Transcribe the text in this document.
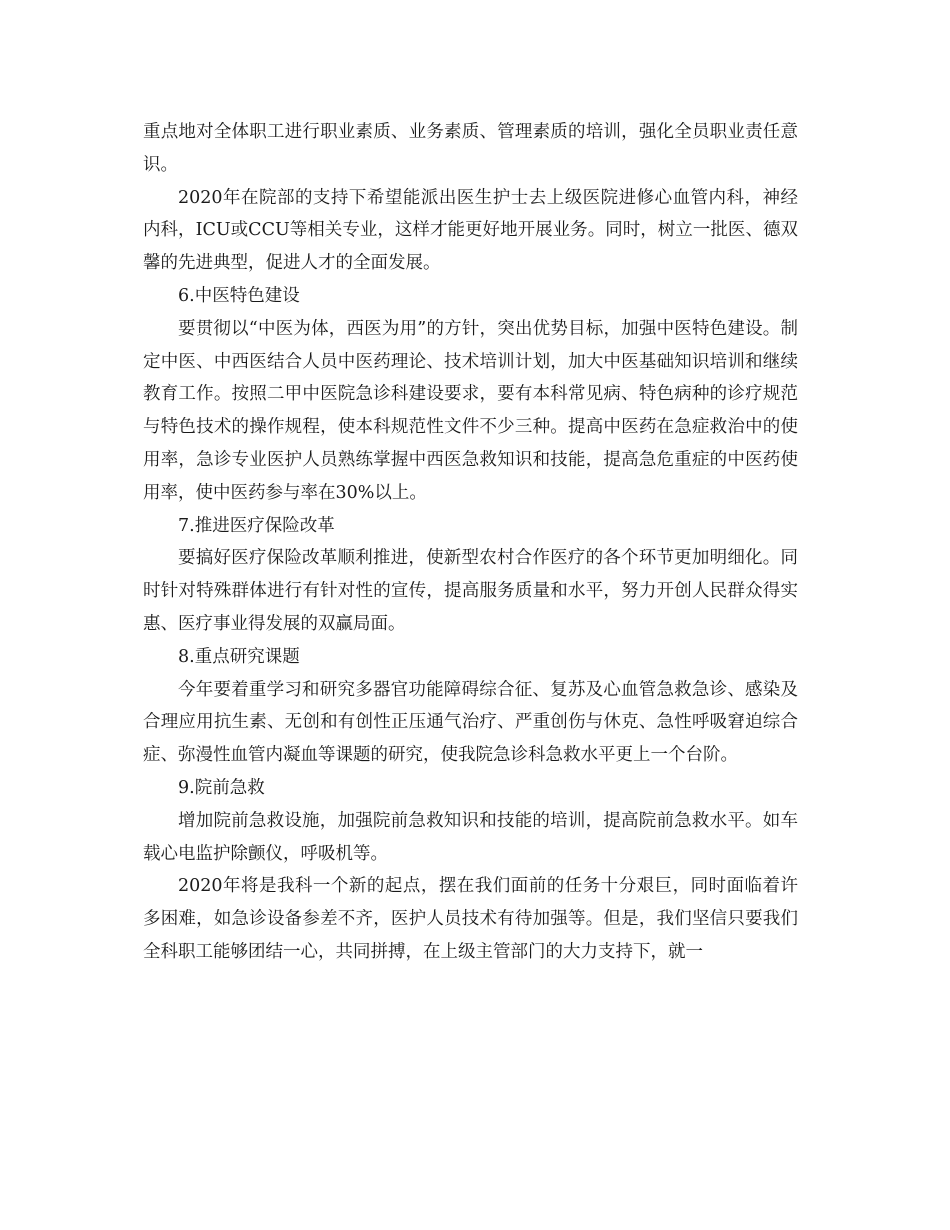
重点地对全体职工进行职业素质、业务素质、管理素质的培训，强化全员职业责任意识。

2020年在院部的支持下希望能派出医生护士去上级医院进修心血管内科，神经内科，ICU或CCU等相关专业，这样才能更好地开展业务。同时，树立一批医、德双馨的先进典型，促进人才的全面发展。

6.中医特色建设

要贯彻以“中医为体，西医为用”的方针，突出优势目标，加强中医特色建设。制定中医、中西医结合人员中医药理论、技术培训计划，加大中医基础知识培训和继续教育工作。按照二甲中医院急诊科建设要求，要有本科常见病、特色病种的诊疗规范与特色技术的操作规程，使本科规范性文件不少三种。提高中医药在急症救治中的使用率，急诊专业医护人员熟练掌握中西医急救知识和技能，提高急危重症的中医药使用率，使中医药参与率在30%以上。

7.推进医疗保险改革

要搞好医疗保险改革顺利推进，使新型农村合作医疗的各个环节更加明细化。同时针对特殊群体进行有针对性的宣传，提高服务质量和水平，努力开创人民群众得实惠、医疗事业得发展的双赢局面。

8.重点研究课题

今年要着重学习和研究多器官功能障碍综合征、复苏及心血管急救急诊、感染及合理应用抗生素、无创和有创性正压通气治疗、严重创伤与休克、急性呼吸窘迫综合症、弥漫性血管内凝血等课题的研究，使我院急诊科急救水平更上一个台阶。

9.院前急救

增加院前急救设施，加强院前急救知识和技能的培训，提高院前急救水平。如车载心电监护除颤仪，呼吸机等。

2020年将是我科一个新的起点，摆在我们面前的任务十分艰巨，同时面临着许多困难，如急诊设备参差不齐，医护人员技术有待加强等。但是，我们坚信只要我们全科职工能够团结一心，共同拼搏，在上级主管部门的大力支持下，就一
